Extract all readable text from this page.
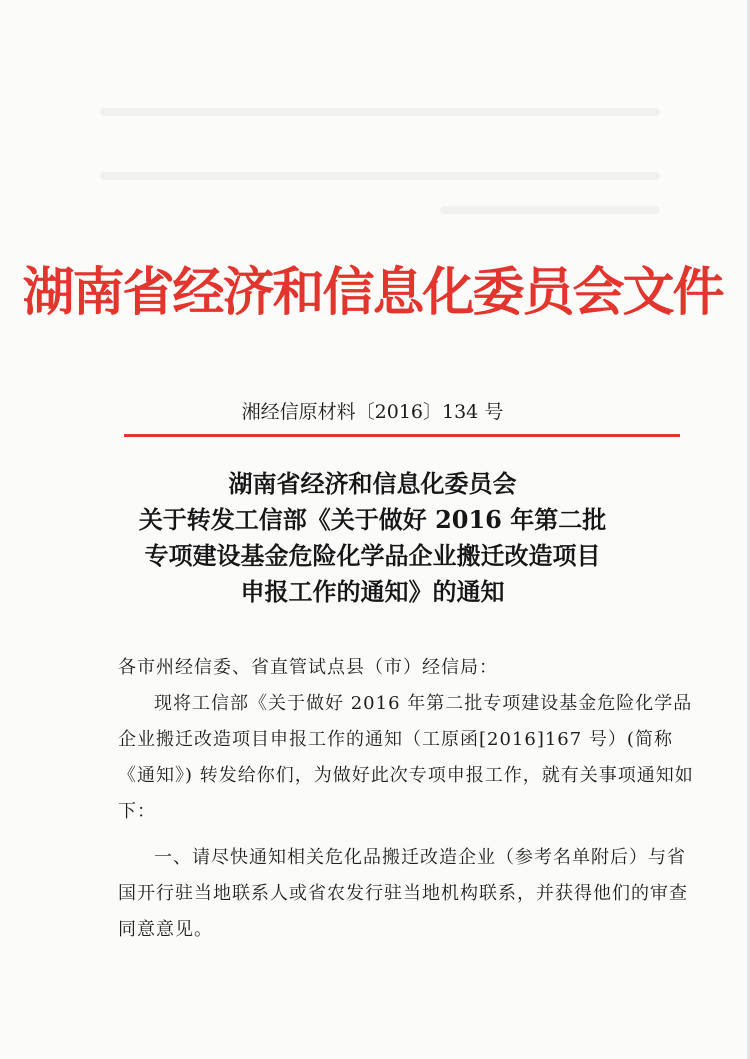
湖南省经济和信息化委员会文件
湘经信原材料〔2016〕134 号
湖南省经济和信息化委员会
关于转发工信部《关于做好 2016 年第二批
专项建设基金危险化学品企业搬迁改造项目
申报工作的通知》的通知

各市州经信委、省直管试点县（市）经信局：

现将工信部《关于做好 2016 年第二批专项建设基金危险化学品企业搬迁改造项目申报工作的通知（工原函[2016]167 号）(简称《通知》) 转发给你们，为做好此次专项申报工作，就有关事项通知如下：

一、请尽快通知相关危化品搬迁改造企业（参考名单附后）与省国开行驻当地联系人或省农发行驻当地机构联系，并获得他们的审查同意意见。
